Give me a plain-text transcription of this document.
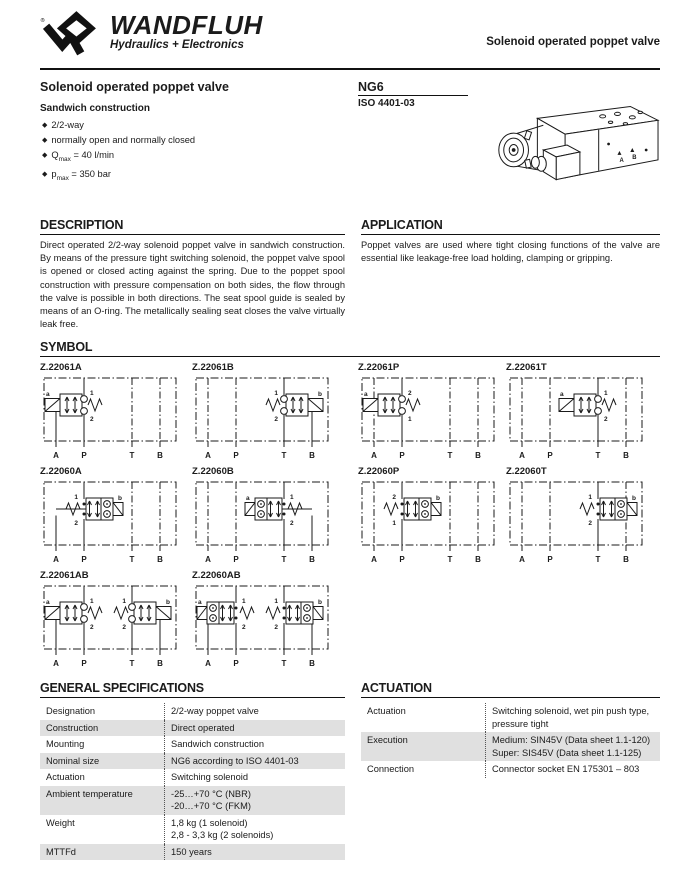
®	WANDFLUH
Hydraulics + Electronics	Solenoid operated poppet valve
Solenoid operated poppet valve
Sandwich construction
◆ 2/2-way
◆ normally open and normally closed
◆ $Q_{max} = 40$ l/min
◆ $p_{max} = 350$ bar
NG6
ISO 4401-03
A B
DESCRIPTION
Direct operated 2/2-way solenoid poppet valve in sandwich construction. By means of the pressure tight switching solenoid, the poppet valve spool is opened or closed acting against the spring. Due to the poppet spool construction with pressure compensation on both sides, the flow through the valve is possible in both directions. The seat spool guide is sealed by means of an O-ring. The metallically sealing seat closes the valve virtually leak free.
APPLICATION
Poppet valves are used where tight closing functions of the valve are essential like leakage-free load holding, clamping or gripping.
SYMBOL
Z.22061A
A	P	T	B
a	1
2
Z.22061B
A	P	T	B
b
1
2
Z.22061P
A	P	T	B
a	2
1
Z.22061T
A	P	T	B
a	1
2
Z.22060A
A	P	T	B
b
1
2
Z.22060B
A	P	T	B
a	1
2
Z.22060P
A	P	T	B
b
2
1
Z.22060T
A	P	T	B
b
1
2
Z.22061AB
A	P	T	B
a	1
2
b
1
2
Z.22060AB
A	P	T	B
a	1
2
b
1
2
GENERAL SPECIFICATIONS
Designation	2/2-way poppet valve
Construction	Direct operated
Mounting	Sandwich construction
Nominal size	NG6 according to ISO 4401-03
Actuation	Switching solenoid
Ambient temperature	-25…+70 °C (NBR)
-20…+70 °C (FKM)
Weight	1,8 kg (1 solenoid)
2,8 - 3,3 kg (2 solenoids)
MTTFd	150 years
ACTUATION
Actuation	Switching solenoid, wet pin push type,
pressure tight
Execution	Medium: SIN45V (Data sheet 1.1-120)
Super: SIS45V (Data sheet 1.1-125)
Connection	Connector socket EN 175301 – 803
